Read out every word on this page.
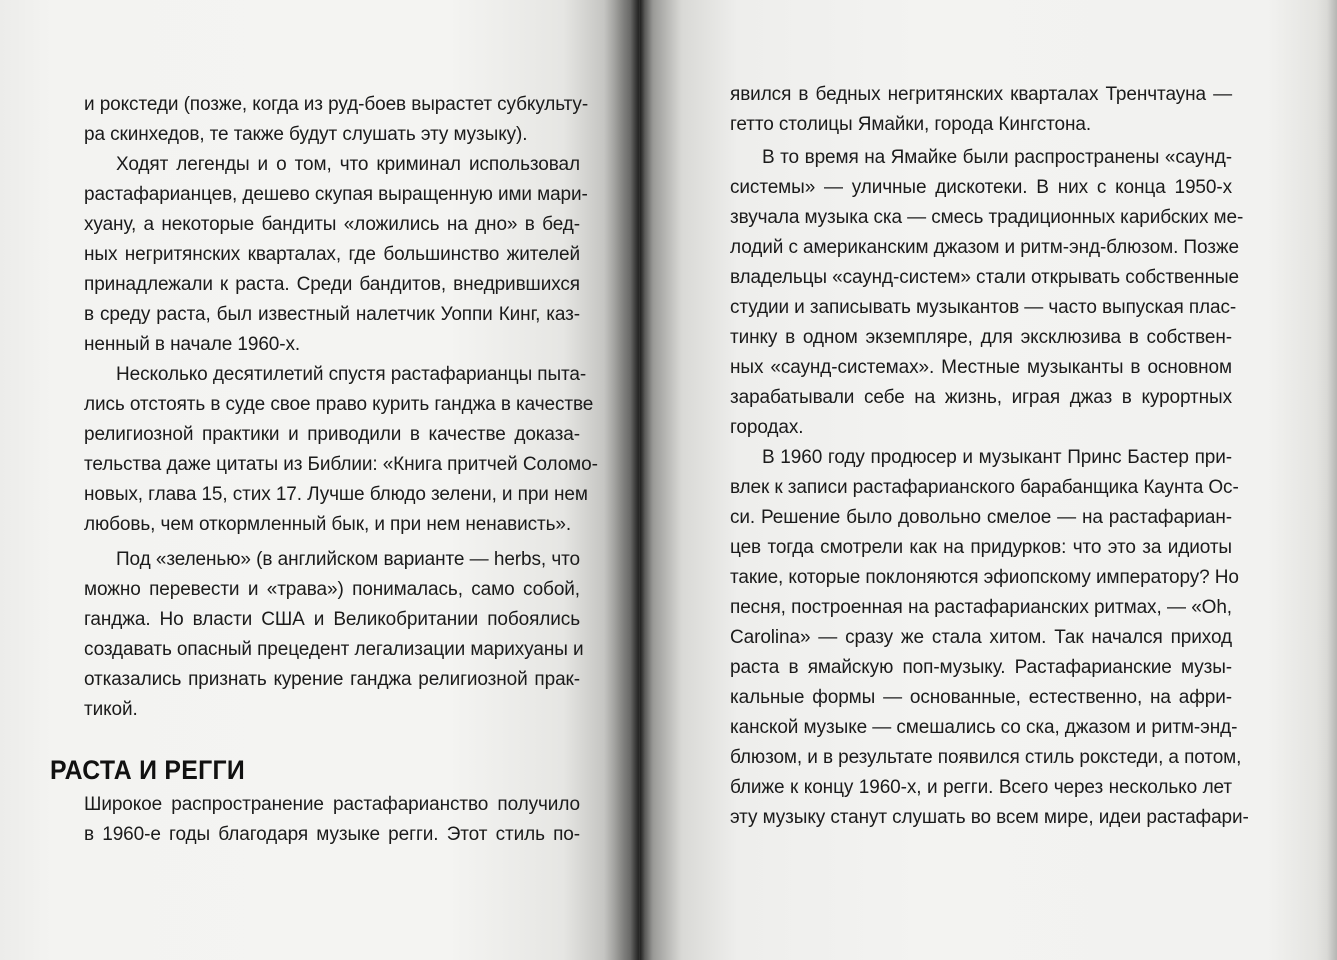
и рокстеди (позже, когда из руд-боев вырастет субкульту-
ра скинхедов, те также будут слушать эту музыку).
Ходят легенды и о том, что криминал использовал
растафарианцев, дешево скупая выращенную ими мари-
хуану, а некоторые бандиты «ложились на дно» в бед-
ных негритянских кварталах, где большинство жителей
принадлежали к раста. Среди бандитов, внедрившихся
в среду раста, был известный налетчик Уоппи Кинг, каз-
ненный в начале 1960-х.
Несколько десятилетий спустя растафарианцы пыта-
лись отстоять в суде свое право курить ганджа в качестве
религиозной практики и приводили в качестве доказа-
тельства даже цитаты из Библии: «Книга притчей Соломо-
новых, глава 15, стих 17. Лучше блюдо зелени, и при нем
любовь, чем откормленный бык, и при нем ненависть».
Под «зеленью» (в английском варианте — herbs, что
можно перевести и «трава») понималась, само собой,
ганджа. Но власти США и Великобритании побоялись
создавать опасный прецедент легализации марихуаны и
отказались признать курение ганджа религиозной прак-
тикой.
РАСТА И РЕГГИ
Широкое распространение растафарианство получило
в 1960-е годы благодаря музыке регги. Этот стиль по-
явился в бедных негритянских кварталах Тренчтауна —
гетто столицы Ямайки, города Кингстона.
В то время на Ямайке были распространены «саунд-
системы» — уличные дискотеки. В них с конца 1950-х
звучала музыка ска — смесь традиционных карибских ме-
лодий с американским джазом и ритм-энд-блюзом. Позже
владельцы «саунд-систем» стали открывать собственные
студии и записывать музыкантов — часто выпуская плас-
тинку в одном экземпляре, для эксклюзива в собствен-
ных «саунд-системах». Местные музыканты в основном
зарабатывали себе на жизнь, играя джаз в курортных
городах.
В 1960 году продюсер и музыкант Принс Бастер при-
влек к записи растафарианского барабанщика Каунта Ос-
си. Решение было довольно смелое — на растафариан-
цев тогда смотрели как на придурков: что это за идиоты
такие, которые поклоняются эфиопскому императору? Но
песня, построенная на растафарианских ритмах, — «Oh,
Carolina» — сразу же стала хитом. Так начался приход
раста в ямайскую поп-музыку. Растафарианские музы-
кальные формы — основанные, естественно, на афри-
канской музыке — смешались со ска, джазом и ритм-энд-
блюзом, и в результате появился стиль рокстеди, а потом,
ближе к концу 1960-х, и регги. Всего через несколько лет
эту музыку станут слушать во всем мире, идеи растафари-
